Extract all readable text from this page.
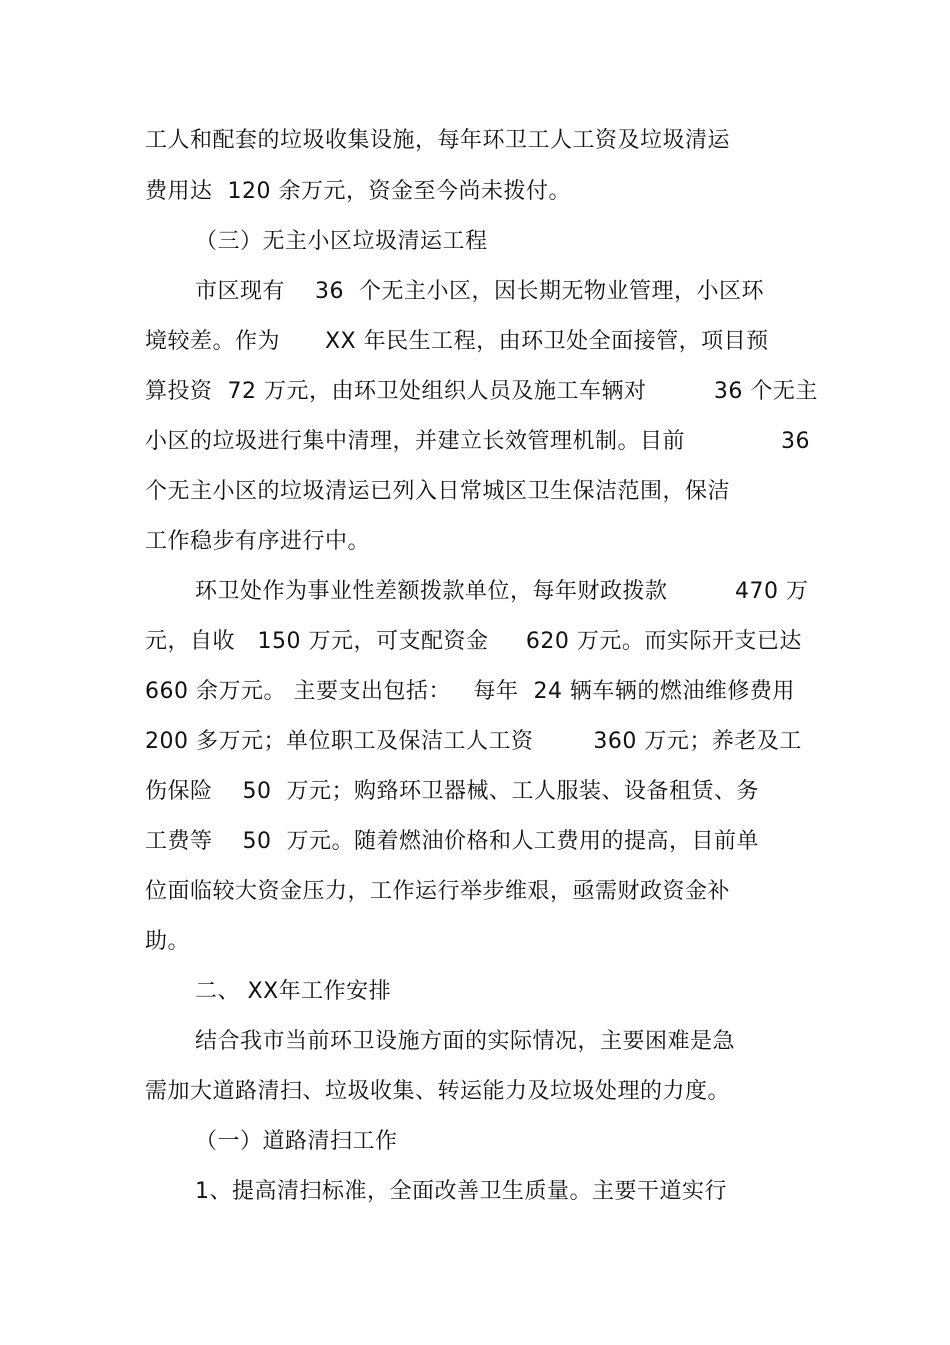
工人和配套的垃圾收集设施，每年环卫工人工资及垃圾清运
费用达  120 余万元，资金至今尚未拨付。
（三）无主小区垃圾清运工程
市区现有    36  个无主小区，因长期无物业管理，小区环
境较差。作为      XX 年民生工程，由环卫处全面接管，项目预
算投资  72 万元，由环卫处组织人员及施工车辆对         36 个无主
小区的垃圾进行集中清理，并建立长效管理机制。目前	36
个无主小区的垃圾清运已列入日常城区卫生保洁范围，保洁
工作稳步有序进行中。
环卫处作为事业性差额拨款单位，每年财政拨款	470 万
元，自收   150 万元，可支配资金     620 万元。而实际开支已达
660 余万元。 主要支出包括：   每年  24 辆车辆的燃油维修费用
200 多万元；单位职工及保洁工人工资        360 万元；养老及工
伤保险    50  万元；购臵环卫器械、工人服装、设备租赁、务
工费等    50  万元。随着燃油价格和人工费用的提高，目前单
位面临较大资金压力，工作运行举步维艰，亟需财政资金补
助。
二、 XX年工作安排
结合我市当前环卫设施方面的实际情况，主要困难是急
需加大道路清扫、垃圾收集、转运能力及垃圾处理的力度。
（一）道路清扫工作
1、提高清扫标准，全面改善卫生质量。主要干道实行
